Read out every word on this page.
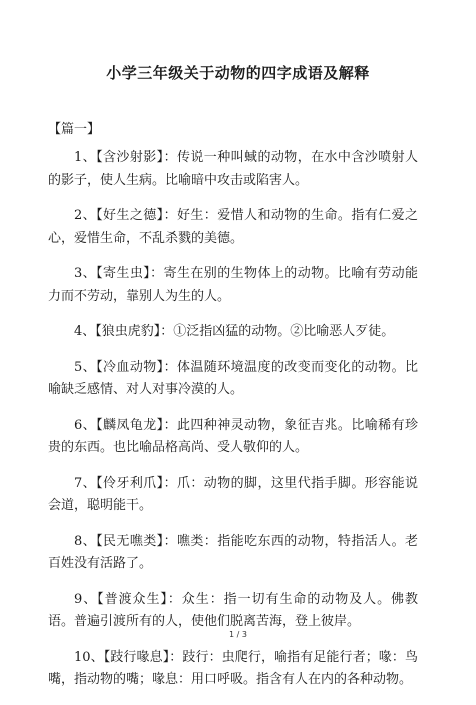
小学三年级关于动物的四字成语及解释
【篇一】

1、【含沙射影】：传说一种叫蜮的动物，在水中含沙喷射人的影子，使人生病。比喻暗中攻击或陷害人。

2、【好生之德】：好生：爱惜人和动物的生命。指有仁爱之心，爱惜生命，不乱杀戮的美德。

3、【寄生虫】：寄生在别的生物体上的动物。比喻有劳动能力而不劳动，靠别人为生的人。

4、【狼虫虎豹】：①泛指凶猛的动物。②比喻恶人歹徒。

5、【冷血动物】：体温随环境温度的改变而变化的动物。比喻缺乏感情、对人对事冷漠的人。

6、【麟凤龟龙】：此四种神灵动物，象征吉兆。比喻稀有珍贵的东西。也比喻品格高尚、受人敬仰的人。

7、【伶牙利爪】：爪：动物的脚，这里代指手脚。形容能说会道，聪明能干。

8、【民无噍类】：噍类：指能吃东西的动物，特指活人。老百姓没有活路了。

9、【普渡众生】：众生：指一切有生命的动物及人。佛教语。普遍引渡所有的人，使他们脱离苦海，登上彼岸。

10、【跂行喙息】：跂行：虫爬行，喻指有足能行者；喙：鸟嘴，指动物的嘴；喙息：用口呼吸。指含有人在内的各种动物。

1 / 3
